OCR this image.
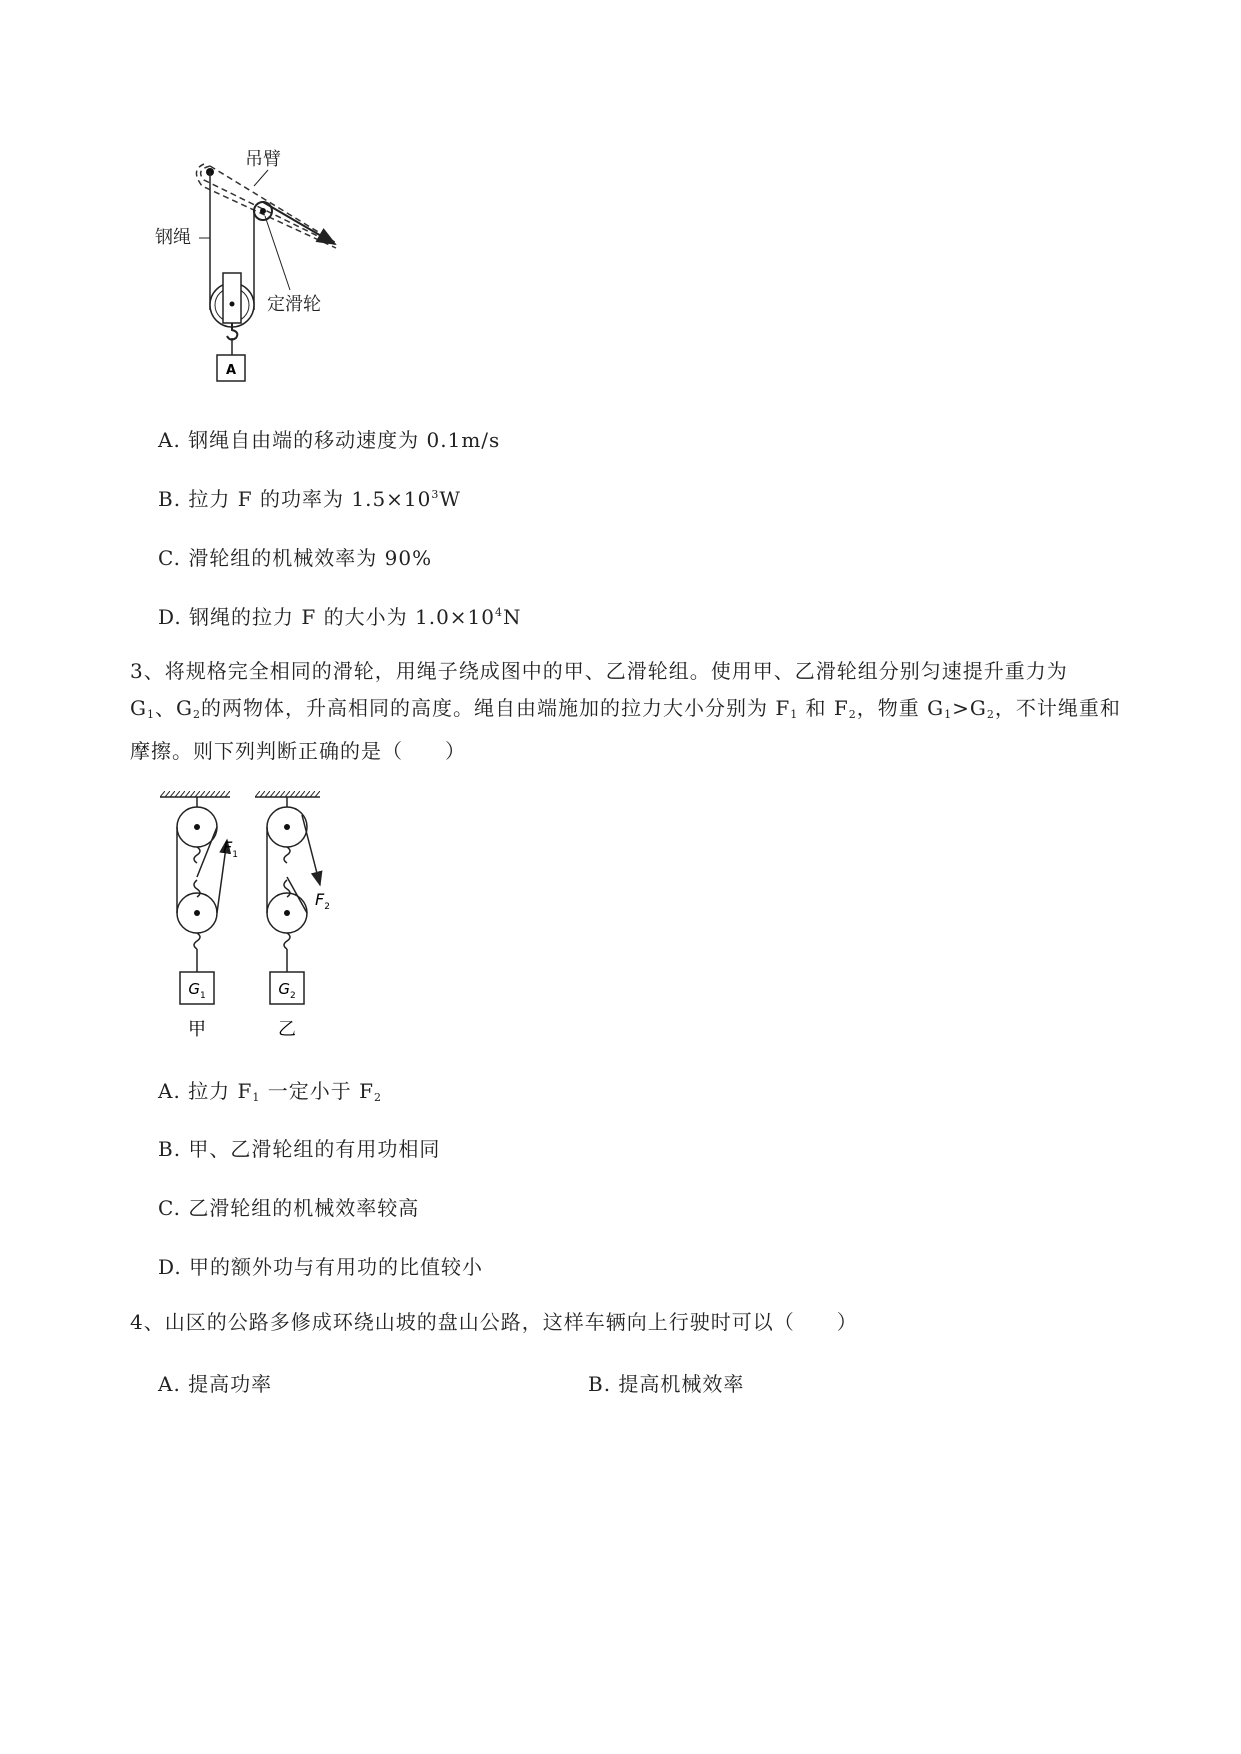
A
吊臂
钢绳
定滑轮
A. 钢绳自由端的移动速度为 0.1m/s
B. 拉力 F 的功率为 $1.5\times 10^3W$
C. 滑轮组的机械效率为 90%
D. 钢绳的拉力 F 的大小为 $1.0\times 10^4N$
3、将规格完全相同的滑轮，用绳子绕成图中的甲、乙滑轮组。使用甲、乙滑轮组分别匀速提升重力为
$G_1$、$G_2$的两物体，升高相同的高度。绳自由端施加的拉力大小分别为 $F_1$ 和 $F_2$，物重 $G_1>G_2$，不计绳重和
摩擦。则下列判断正确的是（　　）
$G_1$
$F_1$
甲
$G_2$
$F_2$
乙
A. 拉力 $F_1$ 一定小于 $F_2$
B. 甲、乙滑轮组的有用功相同
C. 乙滑轮组的机械效率较高
D. 甲的额外功与有用功的比值较小
4、山区的公路多修成环绕山坡的盘山公路，这样车辆向上行驶时可以（　　）
A. 提高功率	B. 提高机械效率
